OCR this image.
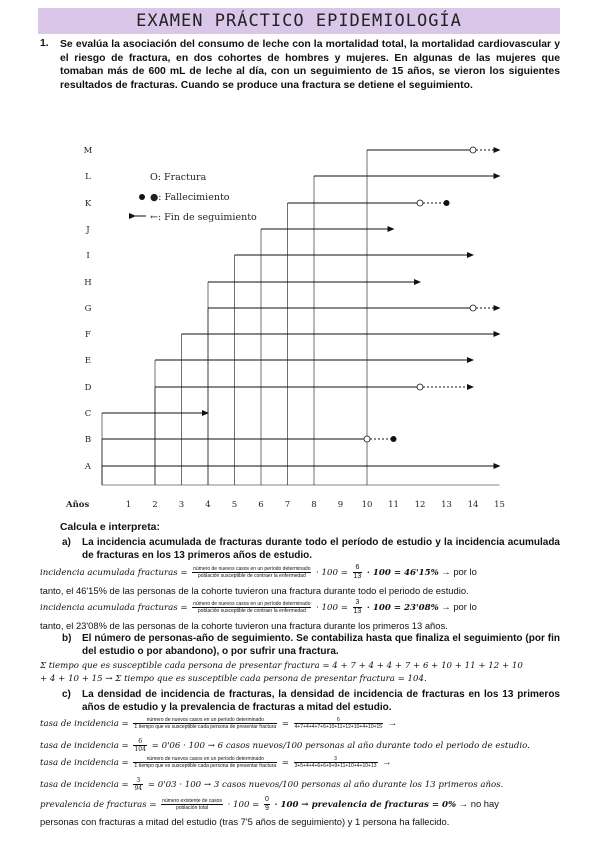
EXAMEN PRÁCTICO EPIDEMIOLOGÍA
1. Se evalúa la asociación del consumo de leche con la mortalidad total, la mortalidad cardiovascular y el riesgo de fractura, en dos cohortes de hombres y mujeres. En algunas de las mujeres que tomaban más de 600 mL de leche al día, con un seguimiento de 15 años, se vieron los siguientes resultados de fracturas. Cuando se produce una fractura se detiene el seguimiento.
1 2 3 4 5 6 7 8 9 10 11 12 13 14 15
M
L
K
J
I
H
G
F
E
D
C
B
A
O: Fractura
●: Fallecimiento
←: Fin de seguimiento
Años
Calcula e interpreta:
a) La incidencia acumulada de fracturas durante todo el período de estudio y la incidencia acumulada de fracturas en los 13 primeros años de estudio.
incidencia acumulada fracturas = $\frac{\text{número de nuevos casos en un período determinado}}{\text{población susceptible de contraer la enfermedad}} \cdot 100 = \frac{6}{13} \cdot 100 = 46'15\%$ → por lo
tanto, el 46'15% de las personas de la cohorte tuvieron una fractura durante todo el periodo de estudio.
incidencia acumulada fracturas = $\frac{\text{número de nuevos casos en un período determinado}}{\text{población susceptible de contraer la enfermedad}} \cdot 100 = \frac{3}{13} \cdot 100 = 23'08\%$ → por lo
tanto, el 23'08% de las personas de la cohorte tuvieron una fractura durante los primeros 13 años.
b) El número de personas-año de seguimiento. Se contabiliza hasta que finaliza el seguimiento (por fin del estudio o por abandono), o por sufrir una fractura.
Σ tiempo que es susceptible cada persona de presentar fractura = 4 + 7 + 4 + 4 + 7 + 6 + 10 + 11 + 12 + 10
+ 4 + 10 + 15 → Σ tiempo que es susceptible cada persona de presentar fractura = 104.
c) La densidad de incidencia de fracturas, la densidad de incidencia de fracturas en los 13 primeros años de estudio y la prevalencia de fracturas a mitad del estudio.
tasa de incidencia =	número de nuevos casos en un período determinado
Σ tiempo que es susceptible cada persona de presentar fractura = $\frac{6}{4+7+4+4+7+6+10+11+12+10+4+10+15}$ →
tasa de incidencia = $\frac{6}{104} = 0'06 \cdot 100 \to 6$ casos nuevos/100 personas al año durante todo el periodo de estudio.
tasa de incidencia =	número de nuevos casos en un período determinado
Σ tiempo que es susceptible cada persona de presentar fractura = $\frac{3}{3+5+4+4+6+6+9+9+11+10+4+10+13}$ →
tasa de incidencia = $\frac{3}{94} = 0'03 \cdot 100 \to 3$ casos nuevos/100 personas al año durante los 13 primeros años.
prevalencia de fracturas = $\frac{\text{número existente de casos}}{\text{población total}} \cdot 100 = \frac{0}{9} \cdot 100$ → prevalencia de fracturas = 0% → no hay
personas con fracturas a mitad del estudio (tras 7'5 años de seguimiento) y 1 persona ha fallecido.
